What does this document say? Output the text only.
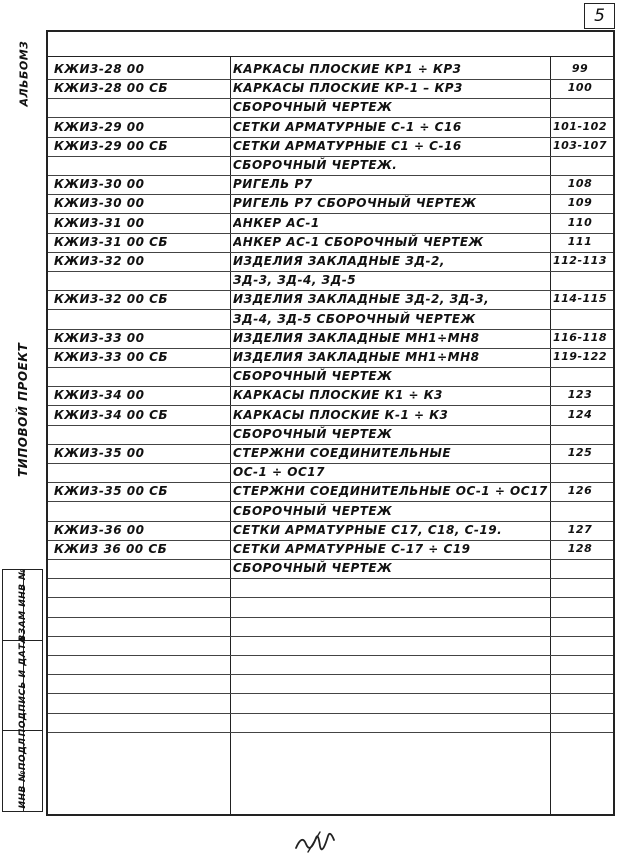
5
АЛЬБОМ3
ТИПОВОЙ ПРОЕКТ
ИНВ №ПОДЛ
ПОДПИСЬ И ДАТА
ВЗАМ ИНВ №
КЖИ3-28 00	КАРКАСЫ ПЛОСКИЕ КР1 ÷ КР3	99
КЖИ3-28 00 СБ	КАРКАСЫ ПЛОСКИЕ КР-1 – КР3	100
СБОРОЧНЫЙ ЧЕРТЕЖ
КЖИ3-29 00	СЕТКИ АРМАТУРНЫЕ С-1 ÷ С16	101-102
КЖИ3-29 00 СБ	СЕТКИ АРМАТУРНЫЕ С1 ÷ С-16	103-107
СБОРОЧНЫЙ ЧЕРТЕЖ.
КЖИ3-30 00	РИГЕЛЬ Р7	108
КЖИ3-30 00	РИГЕЛЬ Р7 СБОРОЧНЫЙ ЧЕРТЕЖ	109
КЖИ3-31 00	АНКЕР АС-1	110
КЖИ3-31 00 СБ	АНКЕР АС-1 СБОРОЧНЫЙ ЧЕРТЕЖ	111
КЖИ3-32 00	ИЗДЕЛИЯ ЗАКЛАДНЫЕ ЗД-2,	112-113
ЗД-3, ЗД-4, ЗД-5
КЖИ3-32 00 СБ	ИЗДЕЛИЯ ЗАКЛАДНЫЕ ЗД-2, ЗД-3,	114-115
ЗД-4, ЗД-5 СБОРОЧНЫЙ ЧЕРТЕЖ
КЖИ3-33 00	ИЗДЕЛИЯ ЗАКЛАДНЫЕ МН1÷МН8	116-118
КЖИ3-33 00 СБ	ИЗДЕЛИЯ ЗАКЛАДНЫЕ МН1÷МН8	119-122
СБОРОЧНЫЙ ЧЕРТЕЖ
КЖИ3-34 00	КАРКАСЫ ПЛОСКИЕ К1 ÷ К3	123
КЖИ3-34 00 СБ	КАРКАСЫ ПЛОСКИЕ К-1 ÷ К3	124
СБОРОЧНЫЙ ЧЕРТЕЖ
КЖИ3-35 00	СТЕРЖНИ СОЕДИНИТЕЛЬНЫЕ	125
ОС-1 ÷ ОС17
КЖИ3-35 00 СБ	СТЕРЖНИ СОЕДИНИТЕЛЬНЫЕ ОС-1 ÷ ОС17	126
СБОРОЧНЫЙ ЧЕРТЕЖ
КЖИ3-36 00	СЕТКИ АРМАТУРНЫЕ С17, С18, С-19.	127
КЖИ3 36 00 СБ	СЕТКИ АРМАТУРНЫЕ С-17 ÷ С19	128
СБОРОЧНЫЙ ЧЕРТЕЖ
